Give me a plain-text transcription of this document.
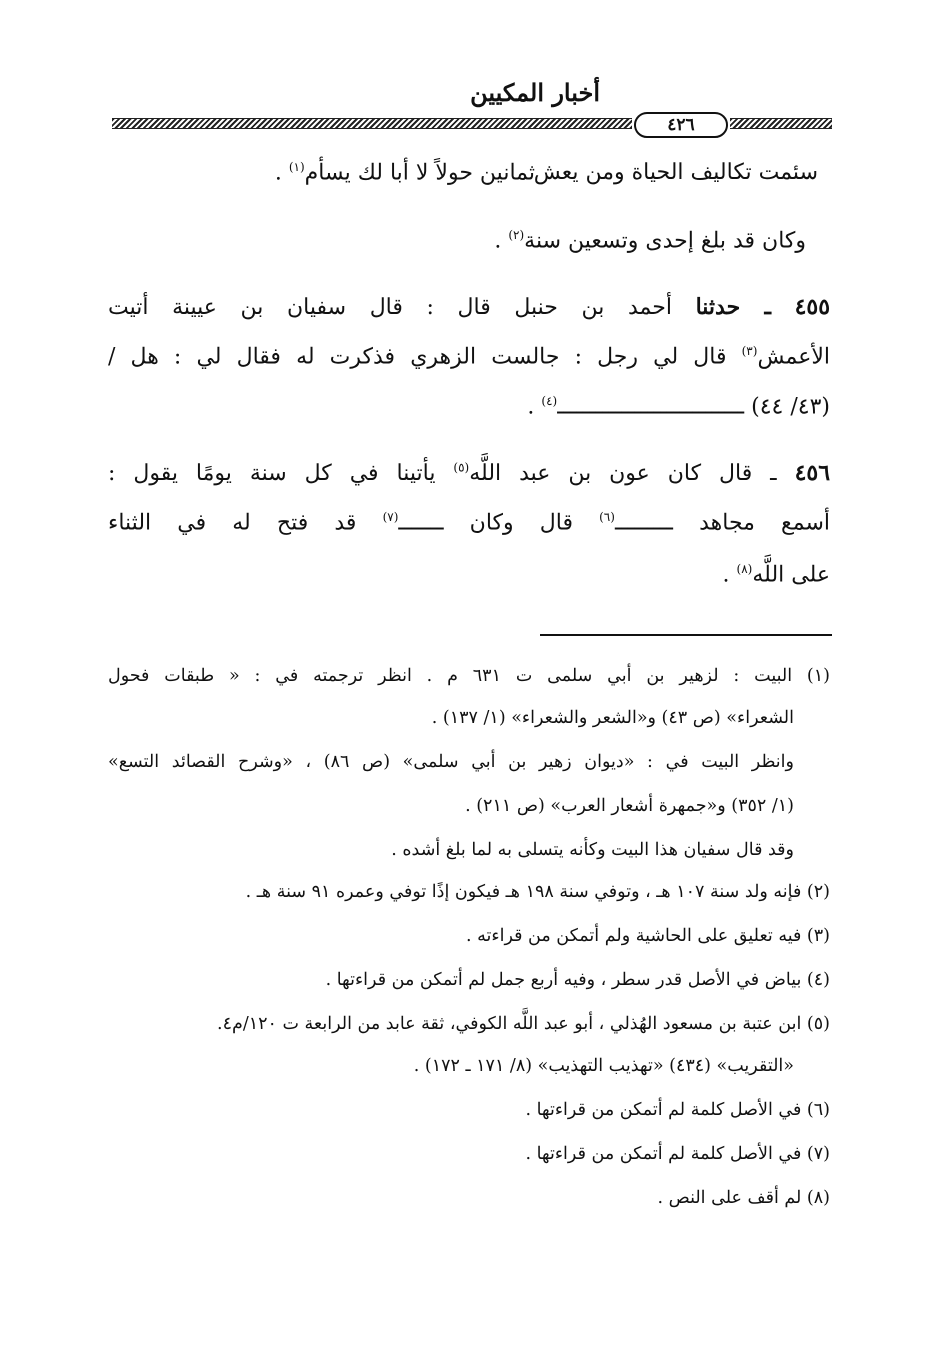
أخبار المكيين
٤٢٦
ثمانين حولاً لا أبا لك يسأم$^{(١)}$ .	سئمت تكاليف الحياة ومن يعش
وكان قد بلغ إحدى وتسعين سنة$^{(٢)}$ .
٤٥٥ ـ حدثنا أحمد بن حنبل قال : قال سفيان بن عيينة أتيت
الأعمش$^{(٣)}$ قال لي رجل : جالست الزهري فذكرت له فقال لي : هل /
(٤٣/ ٤٤) ـــــــــــــــــــــــــــــ$^{(٤)}$ .
٤٥٦ ـ قال كان عون بن عبد اللَّه$^{(٥)}$ يأتينا في كل سنة يومًا يقول :
أسمع مجاهد ـــــــــ$^{(٦)}$ قال وكان ـــــــ$^{(٧)}$ قد فتح له في الثناء
على اللَّه$^{(٨)}$ .
(١) البيت : لزهير بن أبي سلمى ت ٦٣١ م . انظر ترجمته في : « طبقات فحول
الشعراء» (ص ٤٣) و«الشعر والشعراء» (١/ ١٣٧) .
وانظر البيت في : «ديوان زهير بن أبي سلمى» (ص ٨٦) ، «وشرح القصائد التسع»
(١/ ٣٥٢) و«جمهرة أشعار العرب» (ص ٢١١) .
وقد قال سفيان هذا البيت وكأنه يتسلى به لما بلغ أشده .
(٢) فإنه ولد سنة ١٠٧ هـ ، وتوفي سنة ١٩٨ هـ فيكون إذًا توفي وعمره ٩١ سنة هـ .
(٣) فيه تعليق على الحاشية ولم أتمكن من قراءته .
(٤) بياض في الأصل قدر سطر ، وفيه أربع جمل لم أتمكن من قراءتها .
(٥) ابن عتبة بن مسعود الهُذلي ، أبو عبد اللَّه الكوفي، ثقة عابد من الرابعة ت ١٢٠/م٤.
«التقريب» (٤٣٤) «تهذيب التهذيب» (٨/ ١٧١ ـ ١٧٢) .
(٦) في الأصل كلمة لم أتمكن من قراءتها .
(٧) في الأصل كلمة لم أتمكن من قراءتها .
(٨) لم أقف على النص .
